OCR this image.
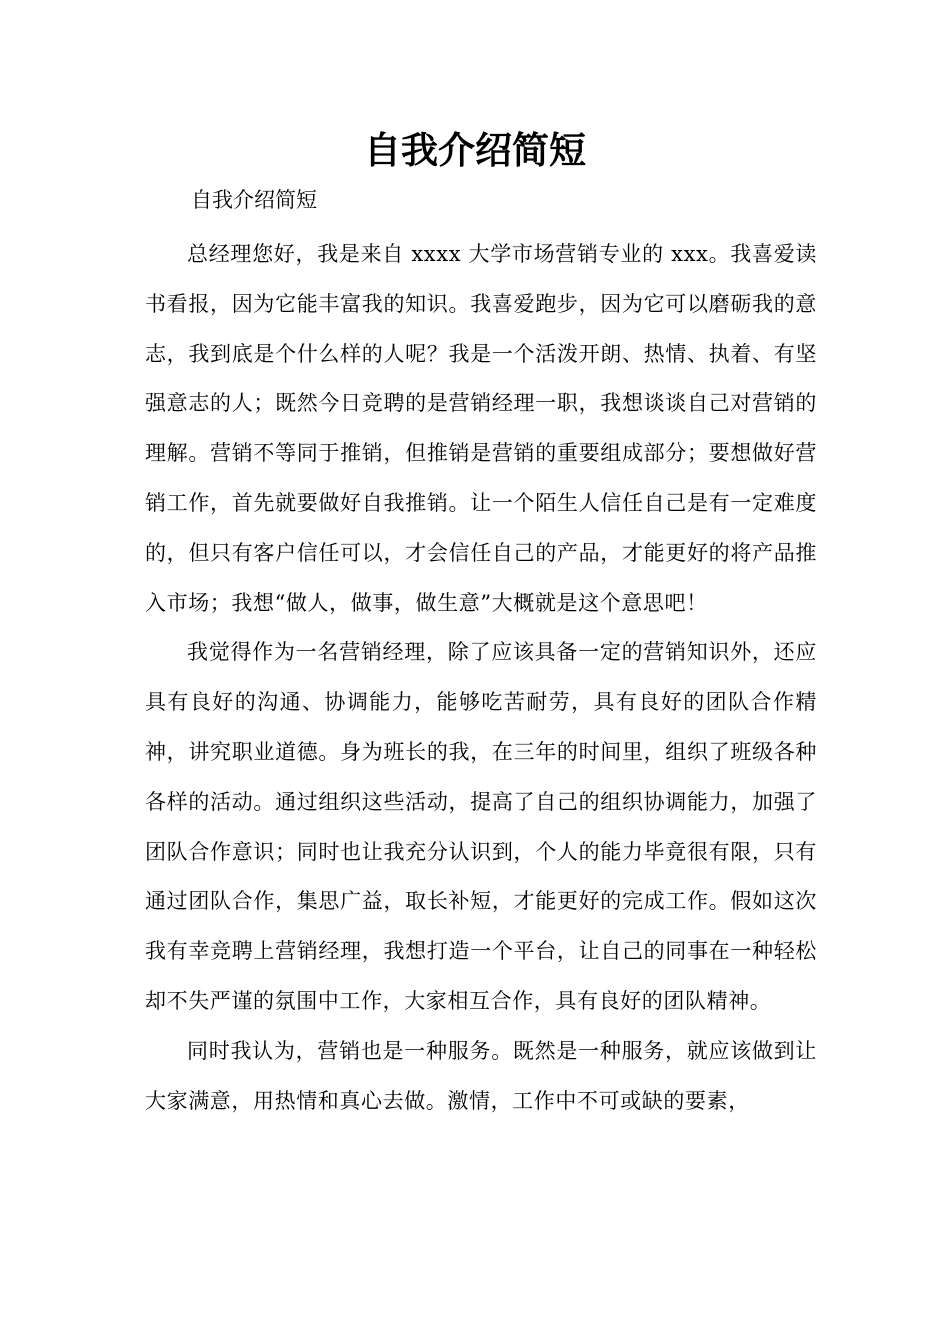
自我介绍简短

自我介绍简短

总经理您好，我是来自 xxxx 大学市场营销专业的 xxx。我喜爱读书看报，因为它能丰富我的知识。我喜爱跑步，因为它可以磨砺我的意志，我到底是个什么样的人呢？我是一个活泼开朗、热情、执着、有坚强意志的人；既然今日竞聘的是营销经理一职，我想谈谈自己对营销的理解。营销不等同于推销，但推销是营销的重要组成部分；要想做好营销工作，首先就要做好自我推销。让一个陌生人信任自己是有一定难度的，但只有客户信任可以，才会信任自己的产品，才能更好的将产品推入市场；我想“做人，做事，做生意”大概就是这个意思吧！

我觉得作为一名营销经理，除了应该具备一定的营销知识外，还应具有良好的沟通、协调能力，能够吃苦耐劳，具有良好的团队合作精神，讲究职业道德。身为班长的我，在三年的时间里，组织了班级各种各样的活动。通过组织这些活动，提高了自己的组织协调能力，加强了团队合作意识；同时也让我充分认识到，个人的能力毕竟很有限，只有通过团队合作，集思广益，取长补短，才能更好的完成工作。假如这次我有幸竞聘上营销经理，我想打造一个平台，让自己的同事在一种轻松却不失严谨的氛围中工作，大家相互合作，具有良好的团队精神。

同时我认为，营销也是一种服务。既然是一种服务，就应该做到让大家满意，用热情和真心去做。激情，工作中不可或缺的要素，
